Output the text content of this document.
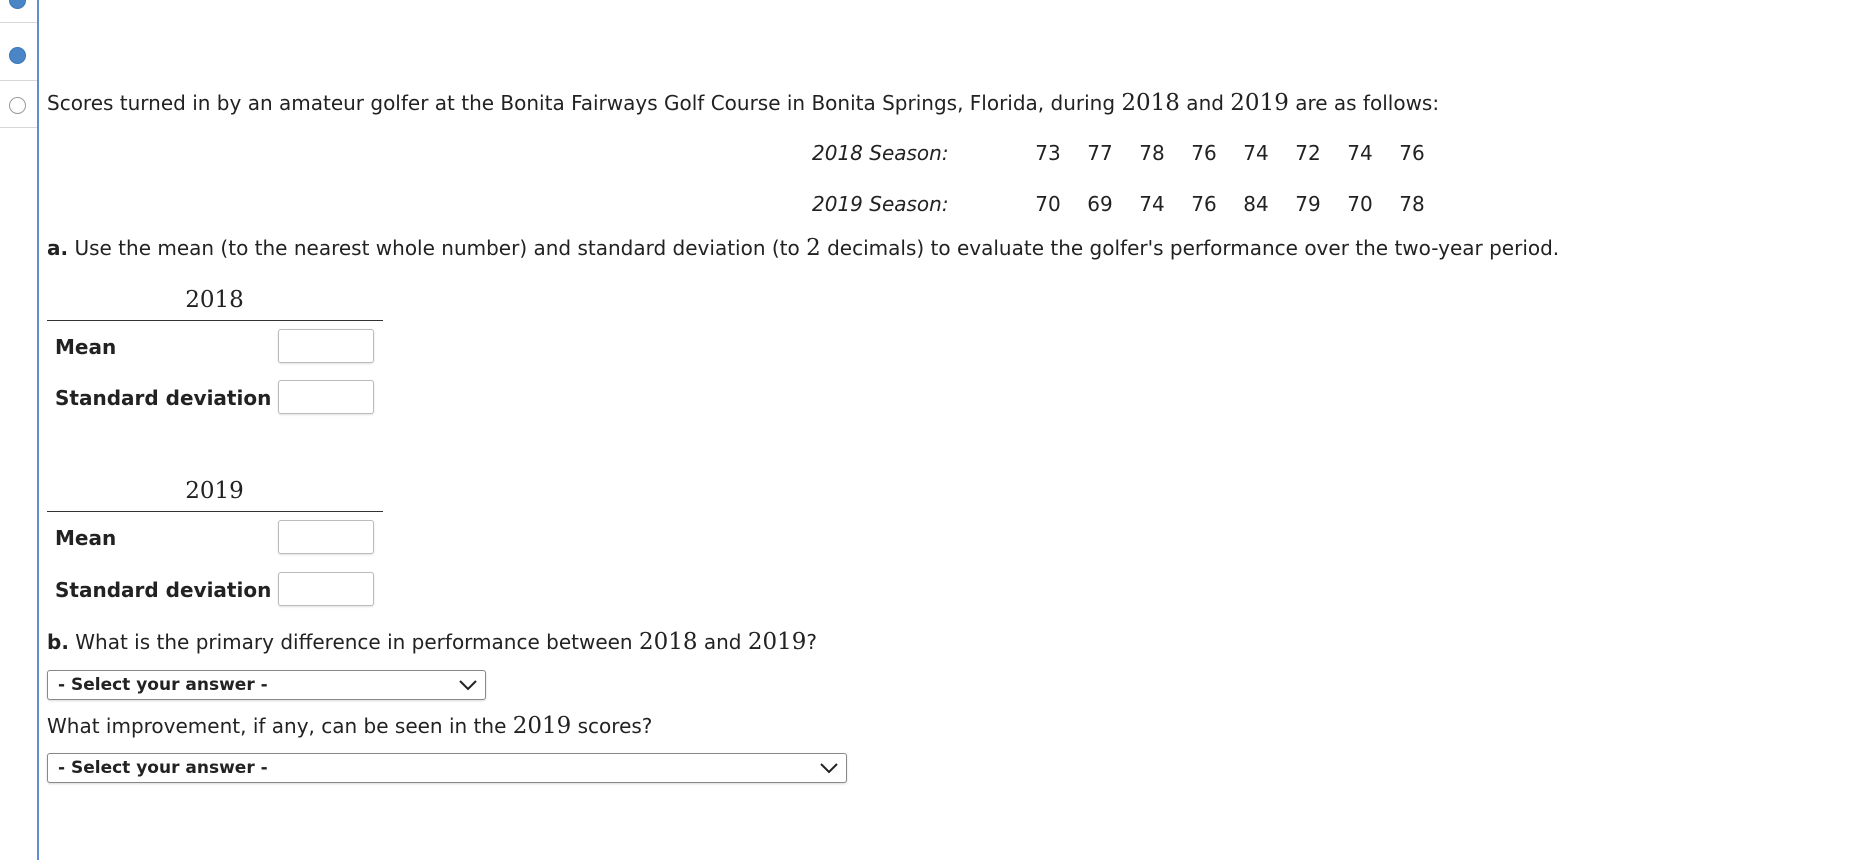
Scores turned in by an amateur golfer at the Bonita Fairways Golf Course in Bonita Springs, Florida, during 2018 and 2019 are as follows:
2018 Season:	73	77	78	76	74	72	74	76
2019 Season:	70	69	74	76	84	79	70	78
a. Use the mean (to the nearest whole number) and standard deviation (to 2 decimals) to evaluate the golfer's performance over the two-year period.
2018
Mean
Standard deviation
2019
Mean
Standard deviation
b. What is the primary difference in performance between 2018 and 2019?
- Select your answer -
What improvement, if any, can be seen in the 2019 scores?
- Select your answer -
